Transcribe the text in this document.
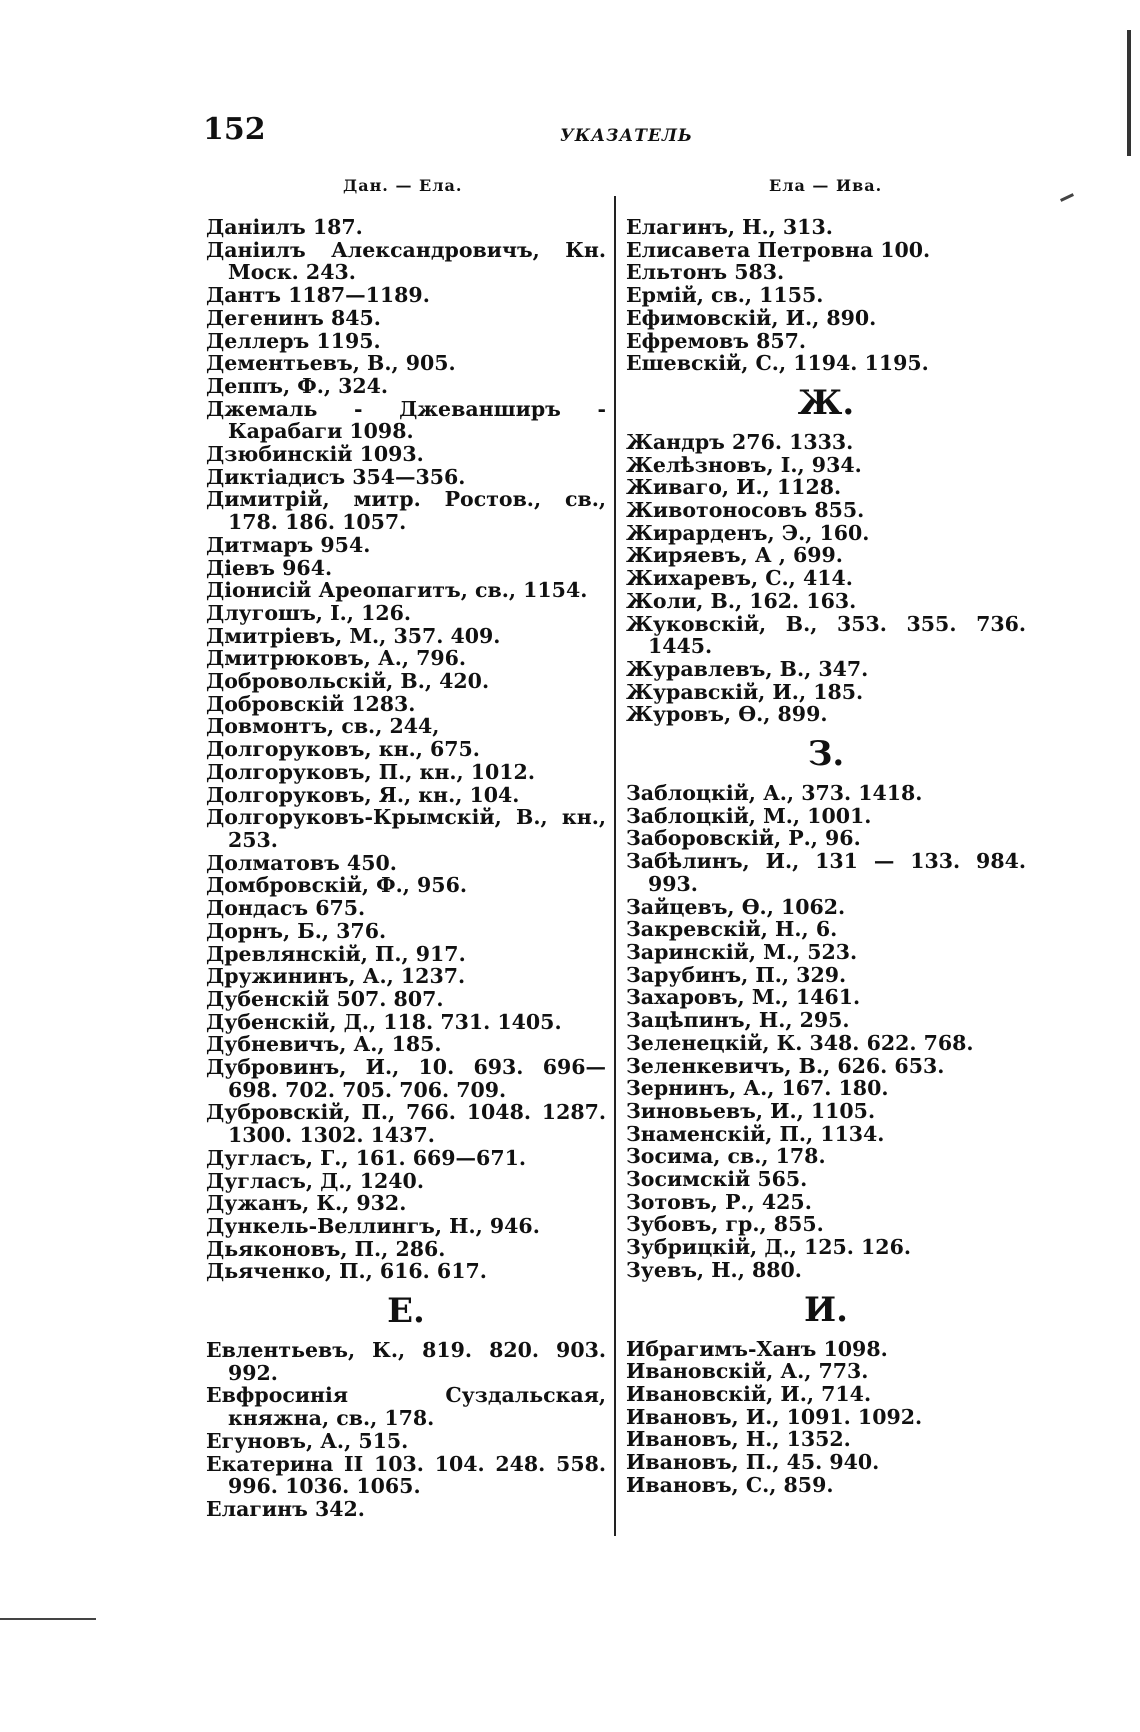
152	УКАЗАТЕЛЬ
Дан. — Ела.	Ела — Ива.
Даніилъ 187.
Даніилъ Александровичъ, Кн. Моск. 243.
Дантъ 1187—1189.
Дегенинъ 845.
Деллеръ 1195.
Дементьевъ, В., 905.
Деппъ, Ф., 324.
Джемаль - Джеванширъ - Карабаги 1098.
Дзюбинскій 1093.
Диктіадисъ 354—356.
Димитрій, митр. Ростов., св., 178. 186. 1057.
Дитмаръ 954.
Діевъ 964.
Діонисій Ареопагитъ, св., 1154.
Длугошъ, I., 126.
Дмитріевъ, М., 357. 409.
Дмитрюковъ, А., 796.
Добровольскій, В., 420.
Добровскій 1283.
Довмонтъ, св., 244,
Долгоруковъ, кн., 675.
Долгоруковъ, П., кн., 1012.
Долгоруковъ, Я., кн., 104.
Долгоруковъ-Крымскій, В., кн., 253.
Долматовъ 450.
Домбровскій, Ф., 956.
Дондасъ 675.
Дорнъ, Б., 376.
Древлянскій, П., 917.
Дружининъ, А., 1237.
Дубенскій 507. 807.
Дубенскій, Д., 118. 731. 1405.
Дубневичъ, А., 185.
Дубровинъ, И., 10. 693. 696—698. 702. 705. 706. 709.
Дубровскій, П., 766. 1048. 1287. 1300. 1302. 1437.
Дугласъ, Г., 161. 669—671.
Дугласъ, Д., 1240.
Дужанъ, К., 932.
Дункель-Веллингъ, Н., 946.
Дьяконовъ, П., 286.
Дьяченко, П., 616. 617.
Е.
Евлентьевъ, К., 819. 820. 903. 992.
Евфросинія Суздальская, княжна, св., 178.
Егуновъ, А., 515.
Екатерина II 103. 104. 248. 558. 996. 1036. 1065.
Елагинъ 342.
Елагинъ, Н., 313.
Елисавета Петровна 100.
Ельтонъ 583.
Ермій, св., 1155.
Ефимовскій, И., 890.
Ефремовъ 857.
Ешевскій, С., 1194. 1195.
Ж.
Жандръ 276. 1333.
Желѣзновъ, I., 934.
Живаго, И., 1128.
Животоносовъ 855.
Жирарденъ, Э., 160.
Жиряевъ, А , 699.
Жихаревъ, С., 414.
Жоли, В., 162. 163.
Жуковскій, В., 353. 355. 736. 1445.
Журавлевъ, В., 347.
Журавскій, И., 185.
Журовъ, Ѳ., 899.
З.
Заблоцкій, А., 373. 1418.
Заблоцкій, М., 1001.
Заборовскій, Р., 96.
Забѣлинъ, И., 131 — 133. 984. 993.
Зайцевъ, Ѳ., 1062.
Закревскій, Н., 6.
Заринскій, М., 523.
Зарубинъ, П., 329.
Захаровъ, М., 1461.
Зацѣпинъ, Н., 295.
Зеленецкій, К. 348. 622. 768.
Зеленкевичъ, В., 626. 653.
Зернинъ, А., 167. 180.
Зиновьевъ, И., 1105.
Знаменскій, П., 1134.
Зосима, св., 178.
Зосимскій 565.
Зотовъ, Р., 425.
Зубовъ, гр., 855.
Зубрицкій, Д., 125. 126.
Зуевъ, Н., 880.
И.
Ибрагимъ-Ханъ 1098.
Ивановскій, А., 773.
Ивановскій, И., 714.
Ивановъ, И., 1091. 1092.
Ивановъ, Н., 1352.
Ивановъ, П., 45. 940.
Ивановъ, С., 859.
